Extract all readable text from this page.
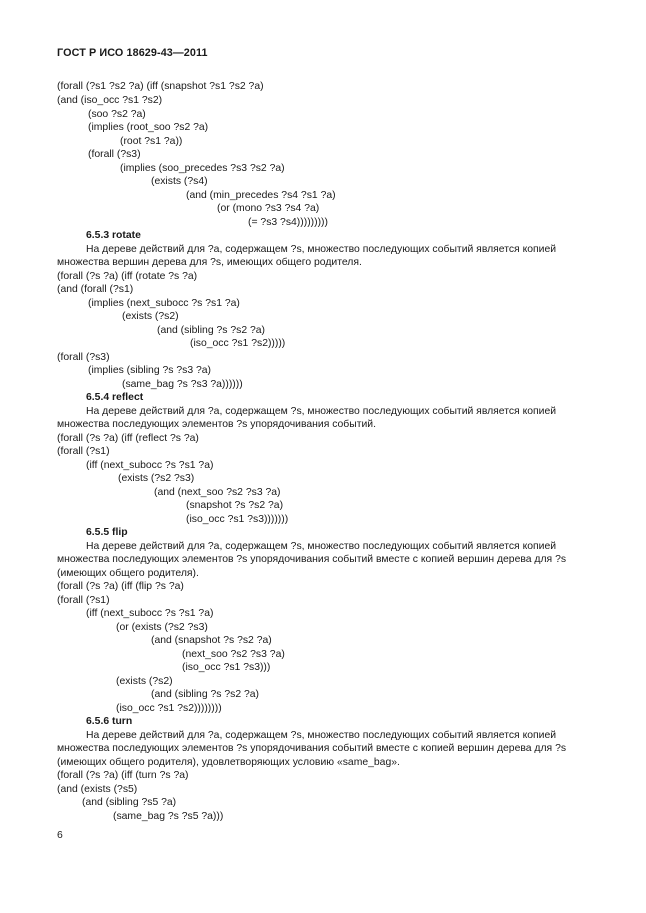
ГОСТ Р ИСО 18629-43—2011
(forall (?s1 ?s2 ?a) (iff (snapshot ?s1 ?s2 ?a)
(and (iso_occ ?s1 ?s2)
(soo ?s2 ?a)
(implies (root_soo ?s2 ?a)
(root ?s1 ?a))
(forall (?s3)
(implies (soo_precedes ?s3 ?s2 ?a)
(exists (?s4)
(and (min_precedes ?s4 ?s1 ?a)
(or (mono ?s3 ?s4 ?a)
(= ?s3 ?s4)))))))))
6.5.3 rotate
На дереве действий для ?a, содержащем ?s, множество последующих событий является копией
множества вершин дерева для ?s, имеющих общего родителя.
(forall (?s ?a) (iff (rotate ?s ?a)
(and (forall (?s1)
(implies (next_subocc ?s ?s1 ?a)
(exists (?s2)
(and (sibling ?s ?s2 ?a)
(iso_occ ?s1 ?s2)))))
(forall (?s3)
(implies (sibling ?s ?s3 ?a)
(same_bag ?s ?s3 ?a))))))
6.5.4 reflect
На дереве действий для ?a, содержащем ?s, множество последующих событий является копией
множества последующих элементов ?s упорядочивания событий.
(forall (?s ?a) (iff (reflect ?s ?a)
(forall (?s1)
(iff (next_subocc ?s ?s1 ?a)
(exists (?s2 ?s3)
(and (next_soo ?s2 ?s3 ?a)
(snapshot ?s ?s2 ?a)
(iso_occ ?s1 ?s3)))))))
6.5.5 flip
На дереве действий для ?a, содержащем ?s, множество последующих событий является копией
множества последующих элементов ?s упорядочивания событий вместе с копией вершин дерева для ?s
(имеющих общего родителя).
(forall (?s ?a) (iff (flip ?s ?a)
(forall (?s1)
(iff (next_subocc ?s ?s1 ?a)
(or (exists (?s2 ?s3)
(and (snapshot ?s ?s2 ?a)
(next_soo ?s2 ?s3 ?a)
(iso_occ ?s1 ?s3)))
(exists (?s2)
(and (sibling ?s ?s2 ?a)
(iso_occ ?s1 ?s2))))))))
6.5.6 turn
На дереве действий для ?a, содержащем ?s, множество последующих событий является копией
множества последующих элементов ?s упорядочивания событий вместе с копией вершин дерева для ?s
(имеющих общего родителя), удовлетворяющих условию «same_bag».
(forall (?s ?a) (iff (turn ?s ?a)
(and (exists (?s5)
(and (sibling ?s5 ?a)
(same_bag ?s ?s5 ?a)))
6
